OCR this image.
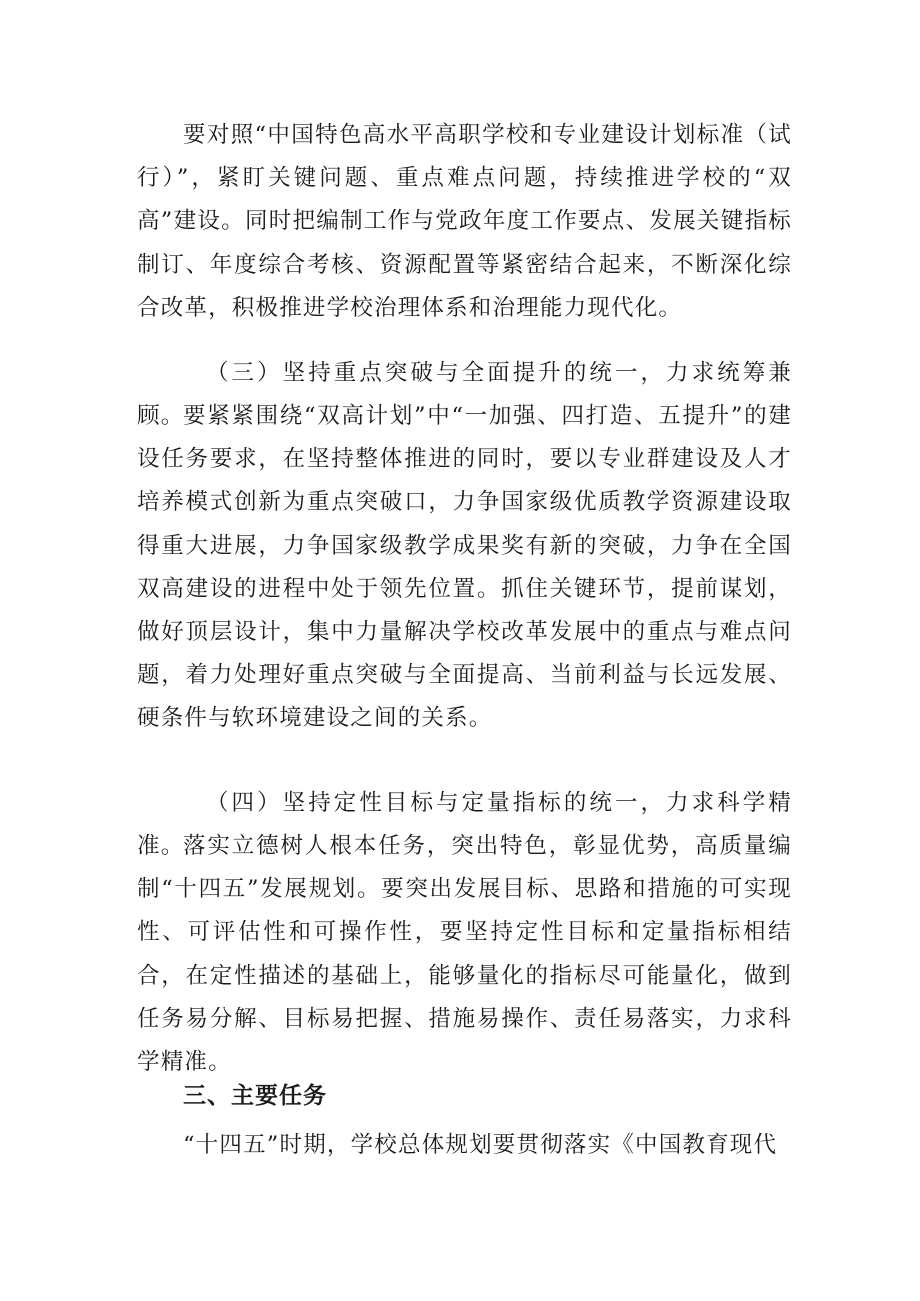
要对照“中国特色高水平高职学校和专业建设计划标准（试行）”，紧盯关键问题、重点难点问题，持续推进学校的“双高”建设。同时把编制工作与党政年度工作要点、发展关键指标制订、年度综合考核、资源配置等紧密结合起来，不断深化综合改革，积极推进学校治理体系和治理能力现代化。

（三）坚持重点突破与全面提升的统一，力求统筹兼顾。

要紧紧围绕“双高计划”中“一加强、四打造、五提升”的建设任务要求，在坚持整体推进的同时，要以专业群建设及人才培养模式创新为重点突破口，力争国家级优质教学资源建设取得重大进展，力争国家级教学成果奖有新的突破，力争在全国双高建设的进程中处于领先位置。抓住关键环节，提前谋划，做好顶层设计，集中力量解决学校改革发展中的重点与难点问题，着力处理好重点突破与全面提高、当前利益与长远发展、硬条件与软环境建设之间的关系。

（四）坚持定性目标与定量指标的统一，力求科学精准。

落实立德树人根本任务，突出特色，彰显优势，高质量编制“十四五”发展规划。要突出发展目标、思路和措施的可实现性、可评估性和可操作性，要坚持定性目标和定量指标相结合，在定性描述的基础上，能够量化的指标尽可能量化，做到任务易分解、目标易把握、措施易操作、责任易落实，力求科学精准。

三、主要任务

“十四五”时期，学校总体规划要贯彻落实《中国教育现代
